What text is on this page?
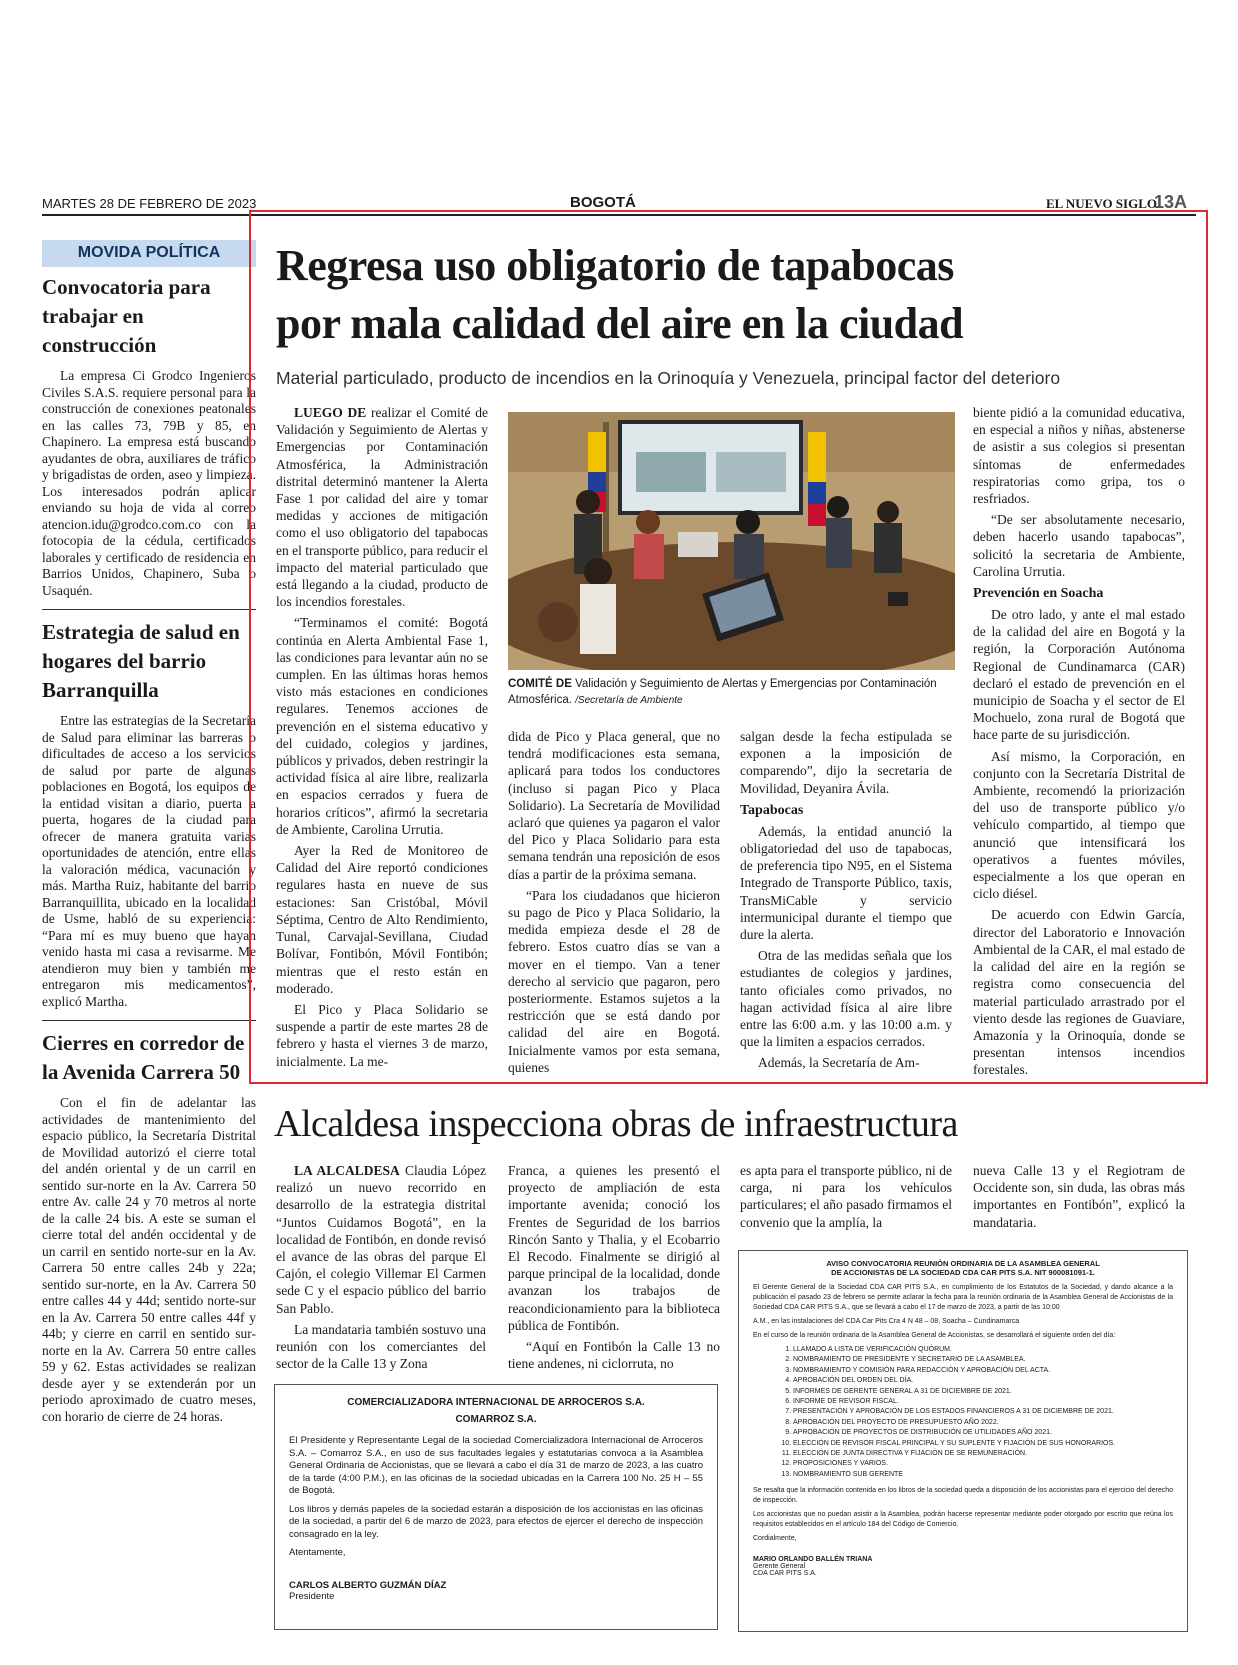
MARTES 28 DE FEBRERO DE 2023	BOGOTÁ	EL NUEVO SIGLO
13A
MOVIDA POLÍTICA
Convocatoria para trabajar en construcción

La empresa Ci Grodco Ingenieros Civiles S.A.S. requiere personal para la construcción de conexiones peatonales en las calles 73, 79B y 85, en Chapinero. La empresa está buscando ayudantes de obra, auxiliares de tráfico y brigadistas de orden, aseo y limpieza. Los interesados podrán aplicar enviando su hoja de vida al correo atencion.idu@grodco.com.co con la fotocopia de la cédula, certificados laborales y certificado de residencia en Barrios Unidos, Chapinero, Suba o Usaquén.

Estrategia de salud en hogares del barrio Barranquilla

Entre las estrategias de la Secretaría de Salud para eliminar las barreras o dificultades de acceso a los servicios de salud por parte de algunas poblaciones en Bogotá, los equipos de la entidad visitan a diario, puerta a puerta, hogares de la ciudad para ofrecer de manera gratuita varias oportunidades de atención, entre ellas la valoración médica, vacunación y más. Martha Ruiz, habitante del barrio Barranquillita, ubicado en la localidad de Usme, habló de su experiencia: “Para mí es muy bueno que hayan venido hasta mi casa a revisarme. Me atendieron muy bien y también me entregaron mis medicamentos”, explicó Martha.

Cierres en corredor de la Avenida Carrera 50

Con el fin de adelantar las actividades de mantenimiento del espacio público, la Secretaría Distrital de Movilidad autorizó el cierre total del andén oriental y de un carril en sentido sur-norte en la Av. Carrera 50 entre Av. calle 24 y 70 metros al norte de la calle 24 bis. A este se suman el cierre total del andén occidental y de un carril en sentido norte-sur en la Av. Carrera 50 entre calles 24b y 22a; sentido sur-norte, en la Av. Carrera 50 entre calles 44 y 44d; sentido norte-sur en la Av. Carrera 50 entre calles 44f y 44b; y cierre en carril en sentido sur-norte en la Av. Carrera 50 entre calles 59 y 62. Estas actividades se realizan desde ayer y se extenderán por un periodo aproximado de cuatro meses, con horario de cierre de 24 horas.

Regresa uso obligatorio de tapabocas
por mala calidad del aire en la ciudad
Material particulado, producto de incendios en la Orinoquía y Venezuela, principal factor del deterioro

LUEGO DE realizar el Comité de Validación y Seguimiento de Alertas y Emergencias por Contaminación Atmosférica, la Administración distrital determinó mantener la Alerta Fase 1 por calidad del aire y tomar medidas y acciones de mitigación como el uso obligatorio del tapabocas en el transporte público, para reducir el impacto del material particulado que está llegando a la ciudad, producto de los incendios forestales.

“Terminamos el comité: Bogotá continúa en Alerta Ambiental Fase 1, las condiciones para levantar aún no se cumplen. En las últimas horas hemos visto más estaciones en condiciones regulares. Tenemos acciones de prevención en el sistema educativo y del cuidado, colegios y jardines, públicos y privados, deben restringir la actividad física al aire libre, realizarla en espacios cerrados y fuera de horarios críticos”, afirmó la secretaria de Ambiente, Carolina Urrutia.

Ayer la Red de Monitoreo de Calidad del Aire reportó condiciones regulares hasta en nueve de sus estaciones: San Cristóbal, Móvil Séptima, Centro de Alto Rendimiento, Tunal, Carvajal-Sevillana, Ciudad Bolívar, Fontibón, Móvil Fontibón; mientras que el resto están en moderado.

El Pico y Placa Solidario se suspende a partir de este martes 28 de febrero y hasta el viernes 3 de marzo, inicialmente. La me-

COMITÉ DE Validación y Seguimiento de Alertas y Emergencias por Contaminación Atmosférica. /Secretaría de Ambiente

dida de Pico y Placa general, que no tendrá modificaciones esta semana, aplicará para todos los conductores (incluso si pagan Pico y Placa Solidario). La Secretaría de Movilidad aclaró que quienes ya pagaron el valor del Pico y Placa Solidario para esta semana tendrán una reposición de esos días a partir de la próxima semana.

“Para los ciudadanos que hicieron su pago de Pico y Placa Solidario, la medida empieza desde el 28 de febrero. Estos cuatro días se van a mover en el tiempo. Van a tener derecho al servicio que pagaron, pero posteriormente. Estamos sujetos a la restricción que se está dando por calidad del aire en Bogotá. Inicialmente vamos por esta semana, quienes

salgan desde la fecha estipulada se exponen a la imposición de comparendo”, dijo la secretaria de Movilidad, Deyanira Ávila.

Tapabocas

Además, la entidad anunció la obligatoriedad del uso de tapabocas, de preferencia tipo N95, en el Sistema Integrado de Transporte Público, taxis, TransMiCable y servicio intermunicipal durante el tiempo que dure la alerta.

Otra de las medidas señala que los estudiantes de colegios y jardines, tanto oficiales como privados, no hagan actividad física al aire libre entre las 6:00 a.m. y las 10:00 a.m. y que la limiten a espacios cerrados.

Además, la Secretaría de Am-

biente pidió a la comunidad educativa, en especial a niños y niñas, abstenerse de asistir a sus colegios si presentan síntomas de enfermedades respiratorias como gripa, tos o resfriados.

“De ser absolutamente necesario, deben hacerlo usando tapabocas”, solicitó la secretaria de Ambiente, Carolina Urrutia.

Prevención en Soacha

De otro lado, y ante el mal estado de la calidad del aire en Bogotá y la región, la Corporación Autónoma Regional de Cundinamarca (CAR) declaró el estado de prevención en el municipio de Soacha y el sector de El Mochuelo, zona rural de Bogotá que hace parte de su jurisdicción.

Así mismo, la Corporación, en conjunto con la Secretaría Distrital de Ambiente, recomendó la priorización del uso de transporte público y/o vehículo compartido, al tiempo que anunció que intensificará los operativos a fuentes móviles, especialmente a los que operan en ciclo diésel.

De acuerdo con Edwin García, director del Laboratorio e Innovación Ambiental de la CAR, el mal estado de la calidad del aire en la región se registra como consecuencia del material particulado arrastrado por el viento desde las regiones de Guaviare, Amazonía y la Orinoquía, donde se presentan intensos incendios forestales.

Alcaldesa inspecciona obras de infraestructura

LA ALCALDESA Claudia López realizó un nuevo recorrido en desarrollo de la estrategia distrital “Juntos Cuidamos Bogotá”, en la localidad de Fontibón, en donde revisó el avance de las obras del parque El Cajón, el colegio Villemar El Carmen sede C y el espacio público del barrio San Pablo.

La mandataria también sostuvo una reunión con los comerciantes del sector de la Calle 13 y Zona

Franca, a quienes les presentó el proyecto de ampliación de esta importante avenida; conoció los Frentes de Seguridad de los barrios Rincón Santo y Thalia, y el Ecobarrio El Recodo. Finalmente se dirigió al parque principal de la localidad, donde avanzan los trabajos de reacondicionamiento para la biblioteca pública de Fontibón.

“Aquí en Fontibón la Calle 13 no tiene andenes, ni ciclorruta, no

es apta para el transporte público, ni de carga, ni para los vehículos particulares; el año pasado firmamos el convenio que la amplía, la

nueva Calle 13 y el Regiotram de Occidente son, sin duda, las obras más importantes en Fontibón”, explicó la mandataria.

COMERCIALIZADORA INTERNACIONAL DE ARROCEROS S.A.
COMARROZ S.A.

El Presidente y Representante Legal de la sociedad Comercializadora Internacional de Arroceros S.A. – Comarroz S.A., en uso de sus facultades legales y estatutarias convoca a la Asamblea General Ordinaria de Accionistas, que se llevará a cabo el día 31 de marzo de 2023, a las cuatro de la tarde (4:00 P.M.), en las oficinas de la sociedad ubicadas en la Carrera 100 No. 25 H – 55 de Bogotá.

Los libros y demás papeles de la sociedad estarán a disposición de los accionistas en las oficinas de la sociedad, a partir del 6 de marzo de 2023, para efectos de ejercer el derecho de inspección consagrado en la ley.

Atentamente,

CARLOS ALBERTO GUZMÁN DÍAZ
Presidente
AVISO CONVOCATORIA REUNIÓN ORDINARIA DE LA ASAMBLEA GENERAL
DE ACCIONISTAS DE LA SOCIEDAD CDA CAR PITS S.A. NIT 900081091-1.

El Gerente General de la Sociedad CDA CAR PITS S.A., en cumplimiento de los Estatutos de la Sociedad, y dando alcance a la publicación el pasado 23 de febrero se permite aclarar la fecha para la reunión ordinaria de la Asamblea General de Accionistas de la Sociedad CDA CAR PITS S.A., que se llevará a cabo el 17 de marzo de 2023, a partir de las 10:00

A.M., en las instalaciones del CDA Car Pits Cra 4 N 48 – 08, Soacha – Cundinamarca

En el curso de la reunión ordinaria de la Asamblea General de Accionistas, se desarrollará el siguiente orden del día:

1. LLAMADO A LISTA DE VERIFICACIÓN QUÓRUM.
2. NOMBRAMIENTO DE PRESIDENTE Y SECRETARIO DE LA ASAMBLEA.
3. NOMBRAMIENTO Y COMISIÓN PARA REDACCIÓN Y APROBACIÓN DEL ACTA.
4. APROBACIÓN DEL ORDEN DEL DÍA.
5. INFORMES DE GERENTE GENERAL A 31 DE DICIEMBRE DE 2021.
6. INFORME DE REVISOR FISCAL.
7. PRESENTACIÓN Y APROBACIÓN DE LOS ESTADOS FINANCIEROS A 31 DE DICIEMBRE DE 2021.
8. APROBACIÓN DEL PROYECTO DE PRESUPUESTO AÑO 2022.
9. APROBACIÓN DE PROYECTOS DE DISTRIBUCIÓN DE UTILIDADES AÑO 2021.
10. ELECCIÓN DE REVISOR FISCAL PRINCIPAL Y SU SUPLENTE Y FIJACIÓN DE SUS HONORARIOS.
11. ELECCIÓN DE JUNTA DIRECTIVA Y FIJACIÓN DE SE REMUNERACIÓN.
12. PROPOSICIONES Y VARIOS.
13. NOMBRAMIENTO SUB GERENTE

Se resalta que la información contenida en los libros de la sociedad queda a disposición de los accionistas para el ejercicio del derecho de inspección.

Los accionistas que no puedan asistir a la Asamblea, podrán hacerse representar mediante poder otorgado por escrito que reúna los requisitos establecidos en el artículo 184 del Código de Comercio.

Cordialmente,

MARIO ORLANDO BALLÉN TRIANA
Gerente General
CDA CAR PITS S.A.
